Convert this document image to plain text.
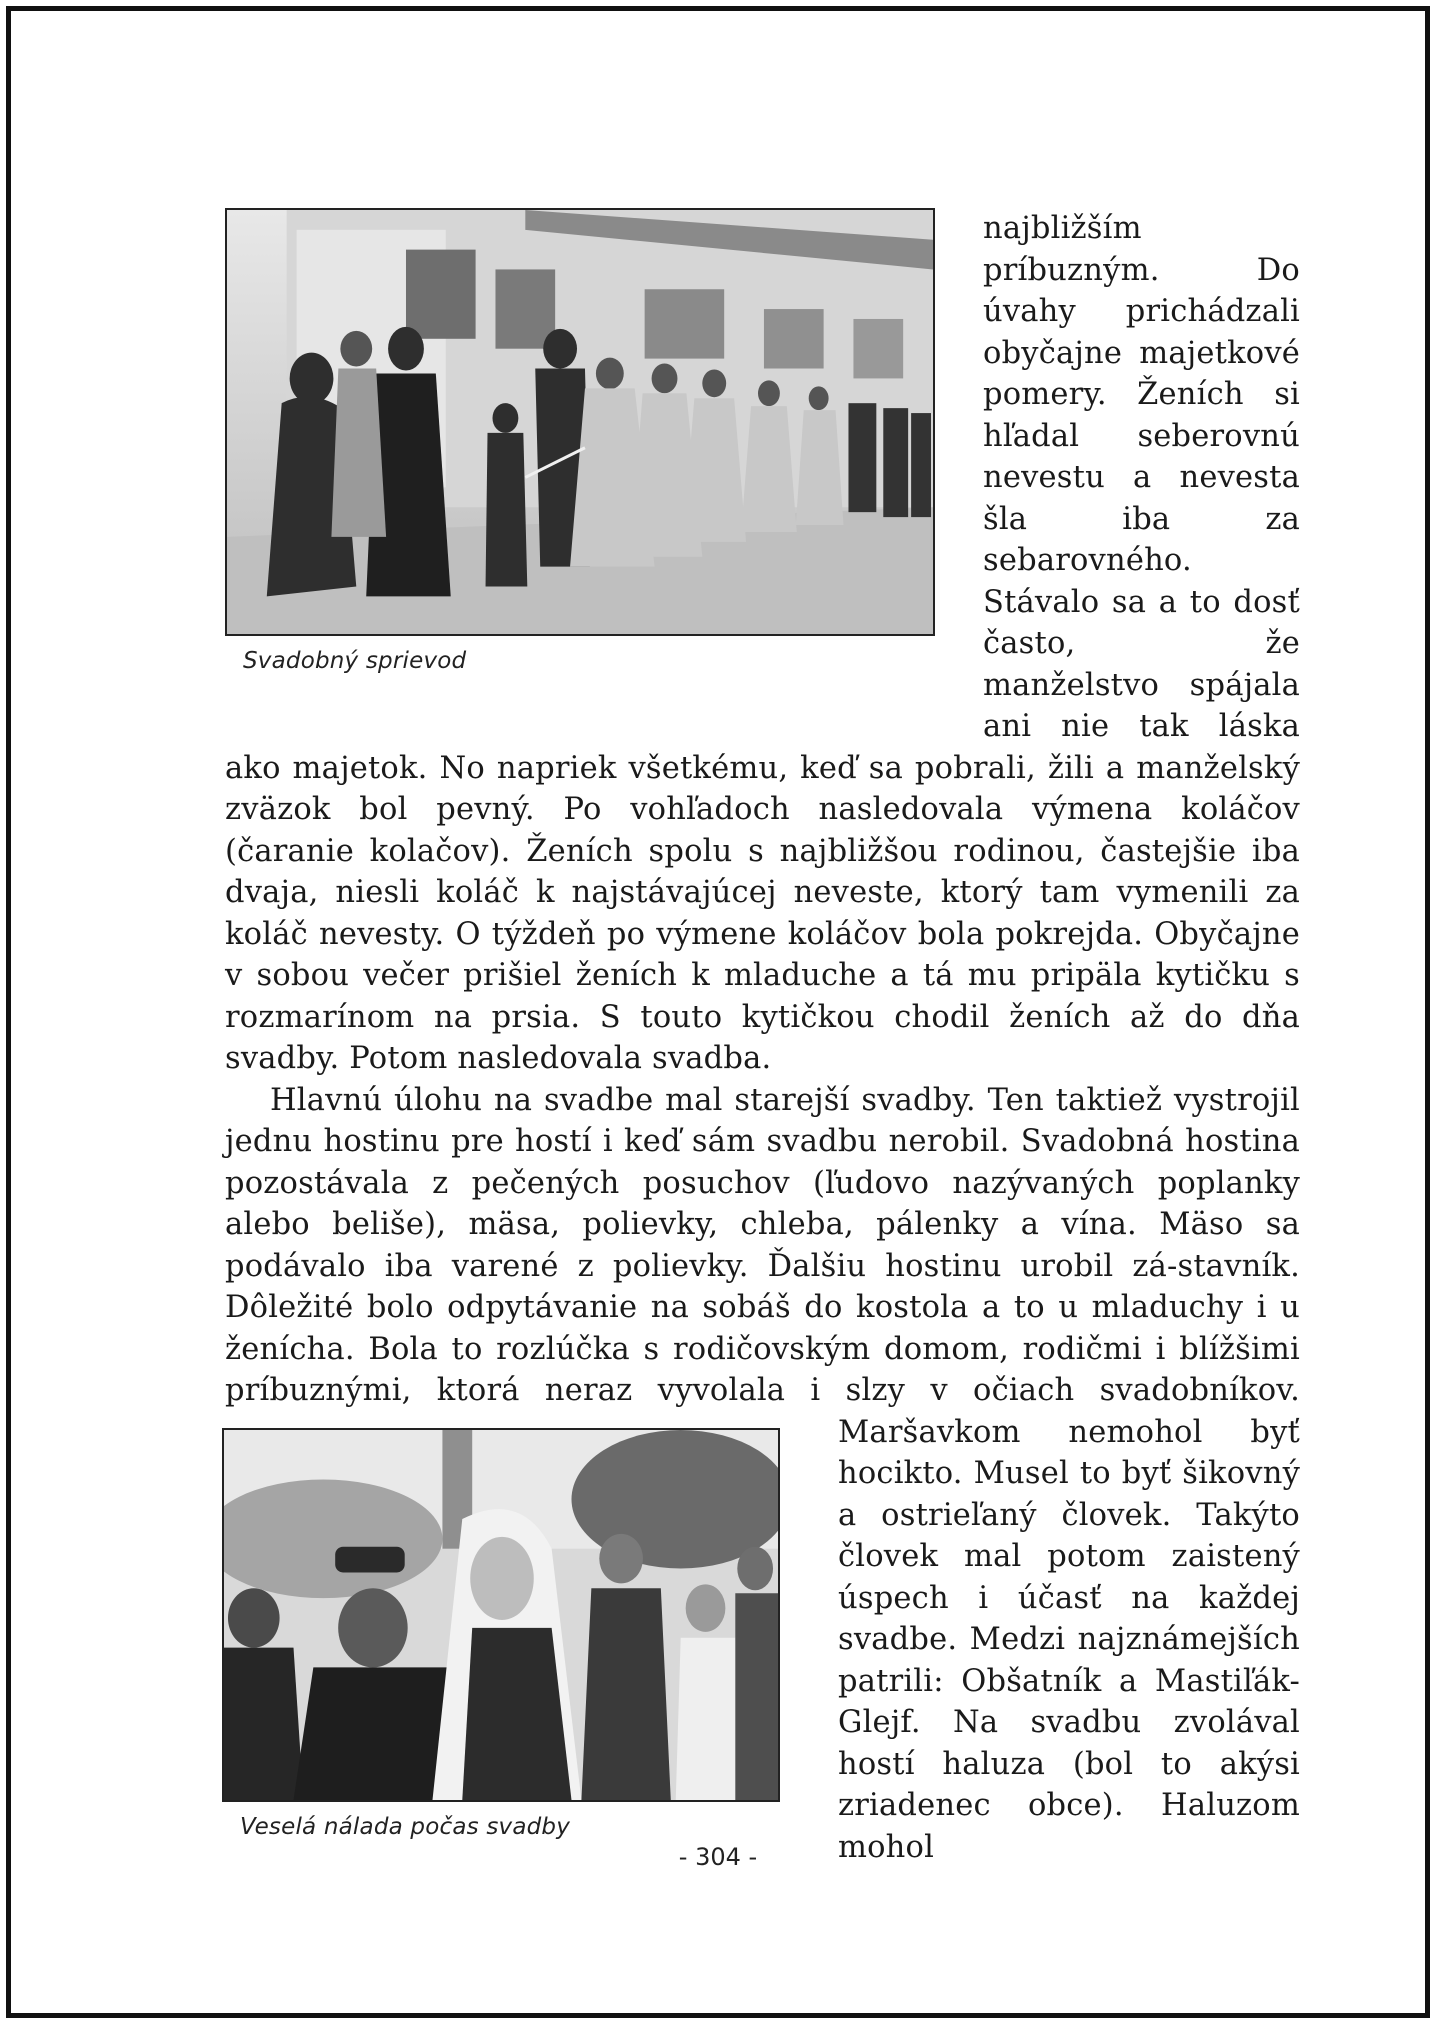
Svadobný sprievod

najbližším príbuzným. Do úvahy prichádzali obyčajne majetkové pomery. Ženích si hľadal seberovnú nevestu a nevesta šla iba za sebarovného. Stávalo sa a to dosť často, že manželstvo spájala ani nie tak láska ako majetok. No napriek všetkému, keď sa pobrali, žili a manželský zväzok bol pevný. Po vohľadoch nasledovala výmena koláčov (čaranie kolačov). Ženích spolu s najbližšou rodinou, častejšie iba dvaja, niesli koláč k najstávajúcej neveste, ktorý tam vymenili za koláč nevesty. O týždeň po výmene koláčov bola pokrejda. Obyčajne v sobou večer prišiel ženích k mladuche a tá mu pripäla kytičku s rozmarínom na prsia. S touto kytičkou chodil ženích až do dňa svadby. Potom nasledovala svadba.

Hlavnú úlohu na svadbe mal starejší svadby. Ten taktiež vystrojil jednu hostinu pre hostí i keď sám svadbu nerobil. Svadobná hostina pozostávala z pečených posuchov (ľudovo nazývaných poplanky alebo beliše), mäsa, polievky, chleba, pálenky a vína. Mäso sa podávalo iba varené z polievky. Ďalšiu hostinu urobil zá-stavník. Dôležité bolo odpytávanie na sobáš do kostola a to u mladuchy i u ženícha. Bola to rozlúčka s rodičovským domom, rodičmi i blížšimi príbuznými, ktorá neraz vyvolala i slzy v očiach
Veselá nálada počas svadby
svadobníkov. Maršavkom nemohol byť hocikto. Musel to byť šikovný a ostrieľaný človek. Takýto človek mal potom zaistený úspech i účasť na každej svadbe. Medzi najznámejších patrili: Obšatník a Mastiľák-Glejf. Na svadbu zvolával hostí haluza (bol to akýsi zriadenec obce). Haluzom mohol

- 304 -
